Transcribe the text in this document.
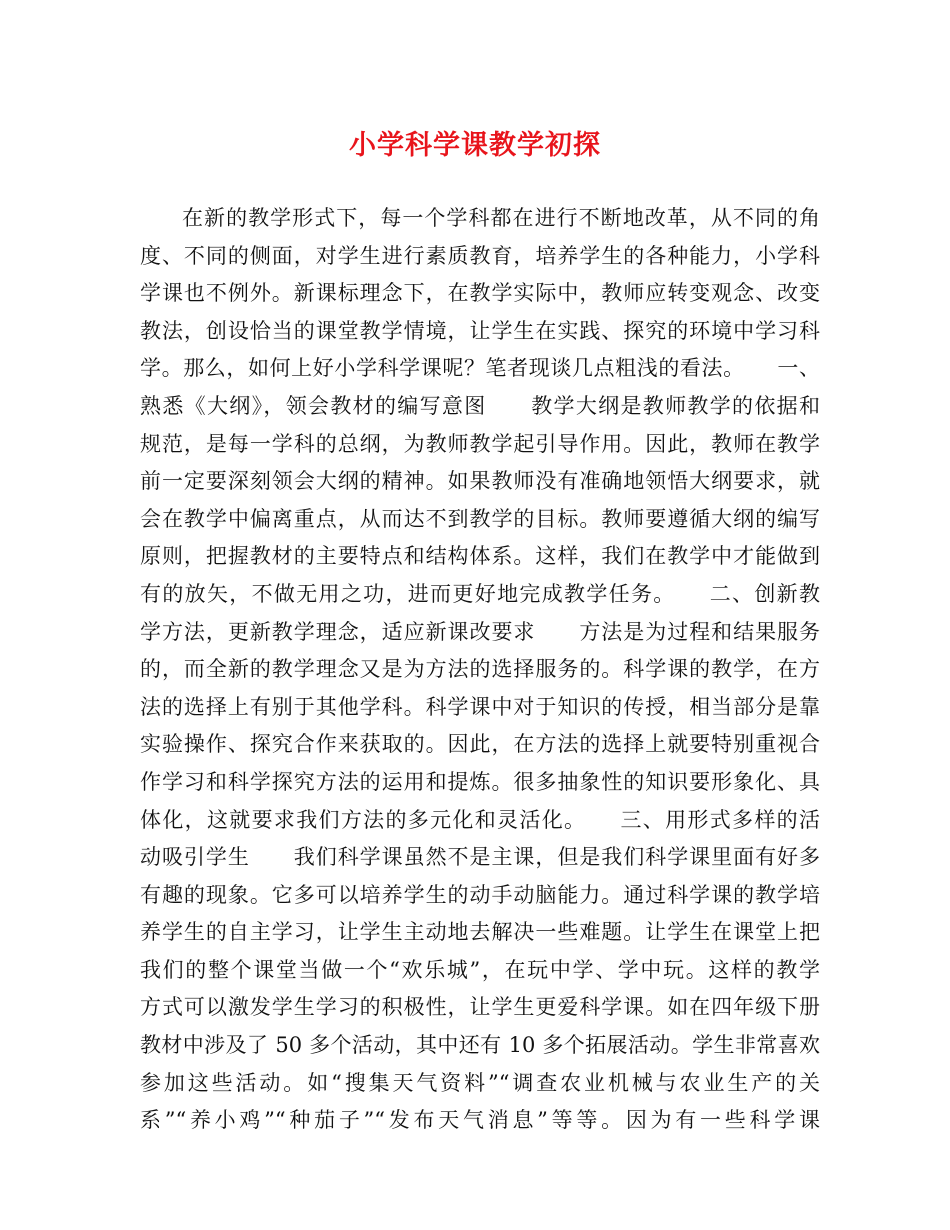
小学科学课教学初探
在新的教学形式下，每一个学科都在进行不断地改革，从不同的角
度、不同的侧面，对学生进行素质教育，培养学生的各种能力，小学科
学课也不例外。新课标理念下，在教学实际中，教师应转变观念、改变
教法，创设恰当的课堂教学情境，让学生在实践、探究的环境中学习科
学。那么，如何上好小学科学课呢？笔者现谈几点粗浅的看法。　　一、
熟悉《大纲》，领会教材的编写意图　　教学大纲是教师教学的依据和
规范，是每一学科的总纲，为教师教学起引导作用。因此，教师在教学
前一定要深刻领会大纲的精神。如果教师没有准确地领悟大纲要求，就
会在教学中偏离重点，从而达不到教学的目标。教师要遵循大纲的编写
原则，把握教材的主要特点和结构体系。这样，我们在教学中才能做到
有的放矢，不做无用之功，进而更好地完成教学任务。　　二、创新教
学方法，更新教学理念，适应新课改要求　　方法是为过程和结果服务
的，而全新的教学理念又是为方法的选择服务的。科学课的教学，在方
法的选择上有别于其他学科。科学课中对于知识的传授，相当部分是靠
实验操作、探究合作来获取的。因此，在方法的选择上就要特别重视合
作学习和科学探究方法的运用和提炼。很多抽象性的知识要形象化、具
体化，这就要求我们方法的多元化和灵活化。　　三、用形式多样的活
动吸引学生　　我们科学课虽然不是主课，但是我们科学课里面有好多
有趣的现象。它多可以培养学生的动手动脑能力。通过科学课的教学培
养学生的自主学习，让学生主动地去解决一些难题。让学生在课堂上把
我们的整个课堂当做一个“欢乐城”，在玩中学、学中玩。这样的教学
方式可以激发学生学习的积极性，让学生更爱科学课。如在四年级下册
教材中涉及了 50 多个活动，其中还有 10 多个拓展活动。学生非常喜欢
参加这些活动。如“搜集天气资料”“调查农业机械与农业生产的关
系”“养小鸡”“种茄子”“发布天气消息”等等。因为有一些科学课
